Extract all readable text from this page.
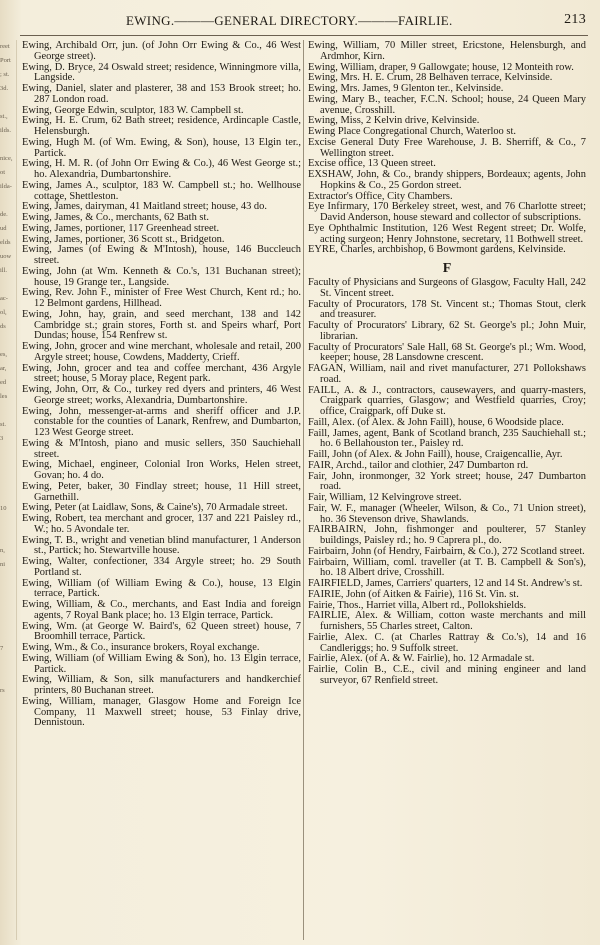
reet
Port
; st.
3d.
st.,
ilds.
nice,
ot
ilda-
de.
ud
elds
uow
ill.
ac-
ol,
ds
es,
ar,
ed
les
st.
3
10
n,
ni
7
rs
EWING.———GENERAL DIRECTORY.———FAIRLIE.	213

Ewing, Archibald Orr, jun. (of John Orr Ewing & Co., 46 West George street).

Ewing, D. Bryce, 24 Oswald street; residence, Winningmore villa, Langside.

Ewing, Daniel, slater and plasterer, 38 and 153 Brook street; ho. 287 London road.

Ewing, George Edwin, sculptor, 183 W. Campbell st.

Ewing, H. E. Crum, 62 Bath street; residence, Ardincaple Castle, Helensburgh.

Ewing, Hugh M. (of Wm. Ewing, & Son), house, 13 Elgin ter., Partick.

Ewing, H. M. R. (of John Orr Ewing & Co.), 46 West George st.; ho. Alexandria, Dumbartonshire.

Ewing, James A., sculptor, 183 W. Campbell st.; ho. Wellhouse cottage, Shettleston.

Ewing, James, dairyman, 41 Maitland street; house, 43 do.

Ewing, James, & Co., merchants, 62 Bath st.

Ewing, James, portioner, 117 Greenhead street.

Ewing, James, portioner, 36 Scott st., Bridgeton.

Ewing, James (of Ewing & M'Intosh), house, 146 Buccleuch street.

Ewing, John (at Wm. Kenneth & Co.'s, 131 Buchanan street); house, 19 Grange ter., Langside.

Ewing, Rev. John F., minister of Free West Church, Kent rd.; ho. 12 Belmont gardens, Hillhead.

Ewing, John, hay, grain, and seed merchant, 138 and 142 Cambridge st.; grain stores, Forth st. and Speirs wharf, Port Dundas; house, 154 Renfrew st.

Ewing, John, grocer and wine merchant, wholesale and retail, 200 Argyle street; house, Cowdens, Madderty, Crieff.

Ewing, John, grocer and tea and coffee merchant, 436 Argyle street; house, 5 Moray place, Regent park.

Ewing, John, Orr, & Co., turkey red dyers and printers, 46 West George street; works, Alexandria, Dumbartonshire.

Ewing, John, messenger-at-arms and sheriff officer and J.P. constable for the counties of Lanark, Renfrew, and Dumbarton, 123 West George street.

Ewing & M'Intosh, piano and music sellers, 350 Sauchiehall street.

Ewing, Michael, engineer, Colonial Iron Works, Helen street, Govan; ho. 4 do.

Ewing, Peter, baker, 30 Findlay street; house, 11 Hill street, Garnethill.

Ewing, Peter (at Laidlaw, Sons, & Caine's), 70 Armadale street.

Ewing, Robert, tea merchant and grocer, 137 and 221 Paisley rd., W.; ho. 5 Avondale ter.

Ewing, T. B., wright and venetian blind manufacturer, 1 Anderson st., Partick; ho. Stewartville house.

Ewing, Walter, confectioner, 334 Argyle street; ho. 29 South Portland st.

Ewing, William (of William Ewing & Co.), house, 13 Elgin terrace, Partick.

Ewing, William, & Co., merchants, and East India and foreign agents, 7 Royal Bank place; ho. 13 Elgin terrace, Partick.

Ewing, Wm. (at George W. Baird's, 62 Queen street) house, 7 Broomhill terrace, Partick.

Ewing, Wm., & Co., insurance brokers, Royal exchange.

Ewing, William (of William Ewing & Son), ho. 13 Elgin terrace, Partick.

Ewing, William, & Son, silk manufacturers and handkerchief printers, 80 Buchanan street.

Ewing, William, manager, Glasgow Home and Foreign Ice Company, 11 Maxwell street; house, 53 Finlay drive, Dennistoun.

Ewing, William, 70 Miller street, Ericstone, Helensburgh, and Ardmhor, Kirn.

Ewing, William, draper, 9 Gallowgate; house, 12 Monteith row.

Ewing, Mrs. H. E. Crum, 28 Belhaven terrace, Kelvinside.

Ewing, Mrs. James, 9 Glenton ter., Kelvinside.

Ewing, Mary B., teacher, F.C.N. School; house, 24 Queen Mary avenue, Crosshill.

Ewing, Miss, 2 Kelvin drive, Kelvinside.

Ewing Place Congregational Church, Waterloo st.

Excise General Duty Free Warehouse, J. B. Sherriff, & Co., 7 Wellington street.

Excise office, 13 Queen street.

EXSHAW, John, & Co., brandy shippers, Bordeaux; agents, John Hopkins & Co., 25 Gordon street.

Extractor's Office, City Chambers.

Eye Infirmary, 170 Berkeley street, west, and 76 Charlotte street; David Anderson, house steward and collector of subscriptions.

Eye Ophthalmic Institution, 126 West Regent street; Dr. Wolfe, acting surgeon; Henry Johnstone, secretary, 11 Bothwell street.

EYRE, Charles, archbishop, 6 Bowmont gardens, Kelvinside.

F

Faculty of Physicians and Surgeons of Glasgow, Faculty Hall, 242 St. Vincent street.

Faculty of Procurators, 178 St. Vincent st.; Thomas Stout, clerk and treasurer.

Faculty of Procurators' Library, 62 St. George's pl.; John Muir, librarian.

Faculty of Procurators' Sale Hall, 68 St. George's pl.; Wm. Wood, keeper; house, 28 Lansdowne crescent.

FAGAN, William, nail and rivet manufacturer, 271 Pollokshaws road.

FAILL, A. & J., contractors, causewayers, and quarry-masters, Craigpark quarries, Glasgow; and Westfield quarries, Croy; office, Craigpark, off Duke st.

Faill, Alex. (of Alex. & John Faill), house, 6 Woodside place.

Faill, James, agent, Bank of Scotland branch, 235 Sauchiehall st.; ho. 6 Bellahouston ter., Paisley rd.

Faill, John (of Alex. & John Faill), house, Craigencallie, Ayr.

FAIR, Archd., tailor and clothier, 247 Dumbarton rd.

Fair, John, ironmonger, 32 York street; house, 247 Dumbarton road.

Fair, William, 12 Kelvingrove street.

Fair, W. F., manager (Wheeler, Wilson, & Co., 71 Union street), ho. 36 Stevenson drive, Shawlands.

FAIRBAIRN, John, fishmonger and poulterer, 57 Stanley buildings, Paisley rd.; ho. 9 Caprera pl., do.

Fairbairn, John (of Hendry, Fairbairn, & Co.), 272 Scotland street.

Fairbairn, William, coml. traveller (at T. B. Campbell & Son's), ho. 18 Albert drive, Crosshill.

FAIRFIELD, James, Carriers' quarters, 12 and 14 St. Andrew's st.

FAIRIE, John (of Aitken & Fairie), 116 St. Vin. st.

Fairie, Thos., Harriet villa, Albert rd., Pollokshields.

FAIRLIE, Alex. & William, cotton waste merchants and mill furnishers, 55 Charles street, Calton.

Fairlie, Alex. C. (at Charles Rattray & Co.'s), 14 and 16 Candleriggs; ho. 9 Suffolk street.

Fairlie, Alex. (of A. & W. Fairlie), ho. 12 Armadale st.

Fairlie, Colin B., C.E., civil and mining engineer and land surveyor, 67 Renfield street.
